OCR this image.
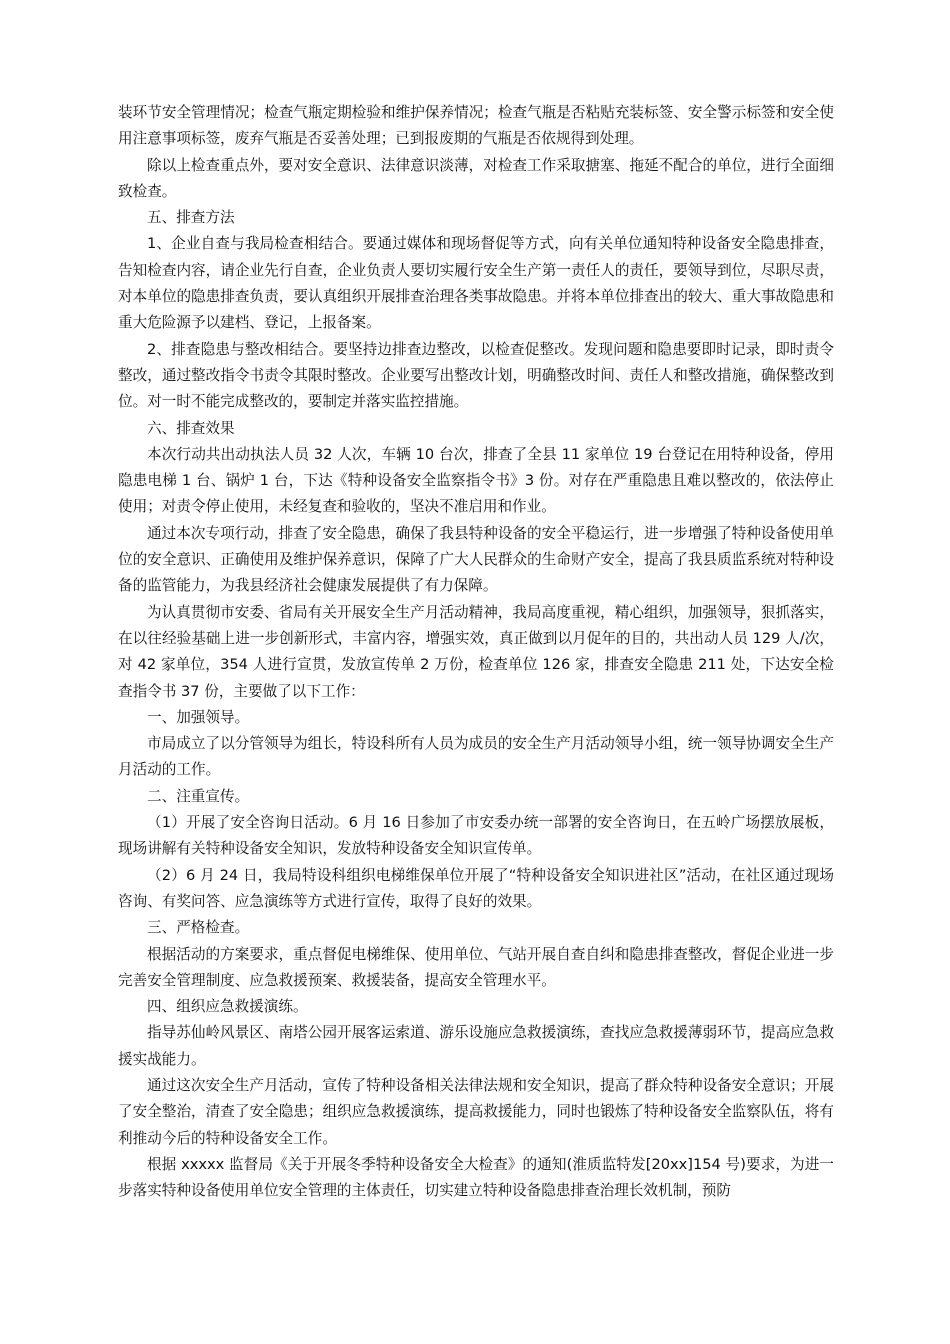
装环节安全管理情况；检查气瓶定期检验和维护保养情况；检查气瓶是否粘贴充装标签、安全警示标签和安全使用注意事项标签，废弃气瓶是否妥善处理；已到报废期的气瓶是否依规得到处理。

除以上检查重点外，要对安全意识、法律意识淡薄，对检查工作采取搪塞、拖延不配合的单位，进行全面细致检查。

五、排查方法

1、企业自查与我局检查相结合。要通过媒体和现场督促等方式，向有关单位通知特种设备安全隐患排查，告知检查内容，请企业先行自查，企业负责人要切实履行安全生产第一责任人的责任，要领导到位，尽职尽责，对本单位的隐患排查负责，要认真组织开展排查治理各类事故隐患。并将本单位排查出的较大、重大事故隐患和重大危险源予以建档、登记，上报备案。

2、排查隐患与整改相结合。要坚持边排查边整改，以检查促整改。发现问题和隐患要即时记录，即时责令整改，通过整改指令书责令其限时整改。企业要写出整改计划，明确整改时间、责任人和整改措施，确保整改到位。对一时不能完成整改的，要制定并落实监控措施。

六、排查效果

本次行动共出动执法人员 32 人次，车辆 10 台次，排查了全县 11 家单位 19 台登记在用特种设备，停用隐患电梯 1 台、锅炉 1 台，下达《特种设备安全监察指令书》3 份。对存在严重隐患且难以整改的，依法停止使用；对责令停止使用，未经复查和验收的，坚决不准启用和作业。

通过本次专项行动，排查了安全隐患，确保了我县特种设备的安全平稳运行，进一步增强了特种设备使用单位的安全意识、正确使用及维护保养意识，保障了广大人民群众的生命财产安全，提高了我县质监系统对特种设备的监管能力，为我县经济社会健康发展提供了有力保障。

为认真贯彻市安委、省局有关开展安全生产月活动精神，我局高度重视，精心组织，加强领导，狠抓落实，在以往经验基础上进一步创新形式，丰富内容，增强实效，真正做到以月促年的目的，共出动人员 129 人/次，对 42 家单位，354 人进行宣贯，发放宣传单 2 万份，检查单位 126 家，排查安全隐患 211 处，下达安全检查指令书 37 份，主要做了以下工作：

一、加强领导。

市局成立了以分管领导为组长，特设科所有人员为成员的安全生产月活动领导小组，统一领导协调安全生产月活动的工作。

二、注重宣传。

（1）开展了安全咨询日活动。6 月 16 日参加了市安委办统一部署的安全咨询日，在五岭广场摆放展板，现场讲解有关特种设备安全知识，发放特种设备安全知识宣传单。

（2）6 月 24 日，我局特设科组织电梯维保单位开展了“特种设备安全知识进社区”活动，在社区通过现场咨询、有奖问答、应急演练等方式进行宣传，取得了良好的效果。

三、严格检查。

根据活动的方案要求，重点督促电梯维保、使用单位、气站开展自查自纠和隐患排查整改，督促企业进一步完善安全管理制度、应急救援预案、救援装备，提高安全管理水平。

四、组织应急救援演练。

指导苏仙岭风景区、南塔公园开展客运索道、游乐设施应急救援演练，查找应急救援薄弱环节，提高应急救援实战能力。

通过这次安全生产月活动，宣传了特种设备相关法律法规和安全知识，提高了群众特种设备安全意识；开展了安全整治，清查了安全隐患；组织应急救援演练，提高救援能力，同时也锻炼了特种设备安全监察队伍，将有利推动今后的特种设备安全工作。

根据 xxxxx 监督局《关于开展冬季特种设备安全大检查》的通知(淮质监特发[20xx]154 号)要求，为进一步落实特种设备使用单位安全管理的主体责任，切实建立特种设备隐患排查治理长效机制，预防
